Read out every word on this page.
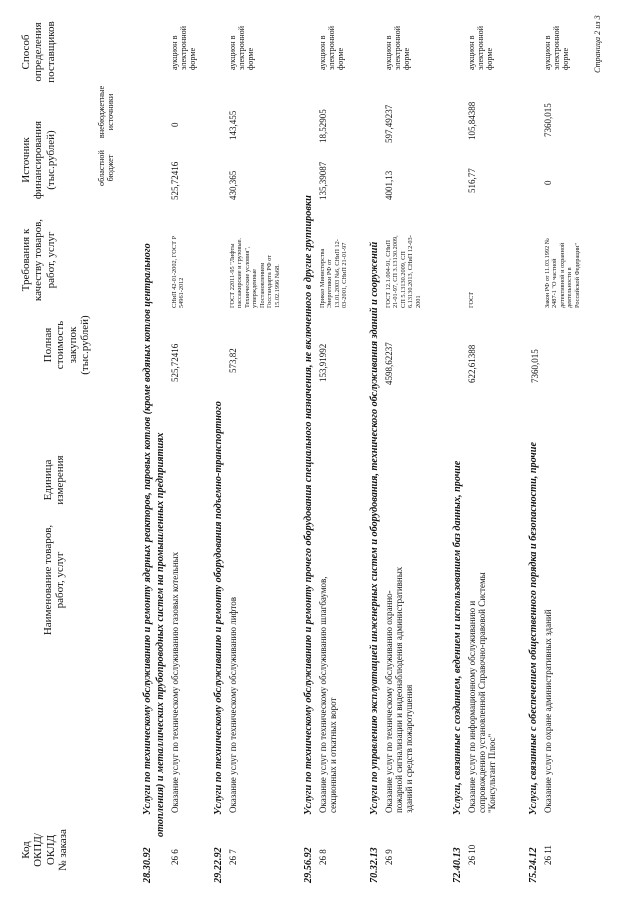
Код ОКПД/ ОКЛД № заказа
Наименование товаров, работ, услуг
Единица измерения
Полная стоимость закупок (тыс.рублей)
Требования к качеству товаров, работ, услуг
Источник финансирования (тыс.рублей)	областной бюджет
внебюджетные источники
Способ определения поставщиков
28.30.92
Услуги по техническому обслуживанию и ремонту ядерных реакторов, паровых котлов (кроме водяных котлов центрального отопления) и металлических трубопроводных систем на промышленных предприятиях
26 6
Оказание услуг по техническому обслуживанию газовых котельных
525,72416
СНиП 42-01-2002, ГОСТ Р 54961-2012
525,72416
0
аукцион в электронной форме
29.22.92
Услуги по техническому обслуживанию и ремонту оборудования подъемно-транспортного
26 7
Оказание услуг по техническому обслуживанию лифтов
573,82
ГОСТ 22011-95 "Лифты пассажирские и грузовые. Технические условия", утвержденные Постановлением Госстандарта РФ от 15.02.1996 №68.
430,365
143,455
аукцион в электронной форме
29.56.92
Услуги по техническому обслуживанию и ремонту прочего оборудования специального назначения, не включенного в другие группировки
26 8
Оказание услуг по техническому обслуживанию шлагбаумов, секционных и откатных ворот
153,91992
Приказ Министерства Энергетики РФ от 13.01.2003 №6, СНиП 12- 03-2001, СНиП 21-01-97
135,39087
18,52905
аукцион в электронной форме
70.32.13
Услуги по управлению эксплуатацией инженерных систем и оборудования, технического обслуживания зданий и сооружений
26 9
Оказание услуг по техническому обслуживанию охранно- пожарной сигнализации и видеонаблюдения административных зданий и средств пожаротушения
4598,62237
ГОСТ 12.1.004-91, СНиП 21-01-97, СП 3.13130.2009, СП 5.13130.2009, СП 6.13130.2013, СНиП 12-03- 2001
4001,13
597,49237
аукцион в электронной форме
72.40.13
Услуги, связанные с созданием, ведением и использованием баз данных, прочие
26 10
Оказание услуг по информационному обслуживанию и сопровождению установленной Справочно-правовой Системы "Консультант Плюс"
622,61388
ГОСТ
516,77
105,84388
аукцион в электронной форме
75.24.12
Услуги, связанные с обеспечением общественного порядка и безопасности, прочие
26 11
Оказание услуг по охране административных зданий
7360,015
Закон РФ от 11.03.1992 № 2487-1 "О частной детективной и охранной деятельности в Российской Федерации"
0
7360,015
аукцион в электронной форме	Страница 2 из 3
